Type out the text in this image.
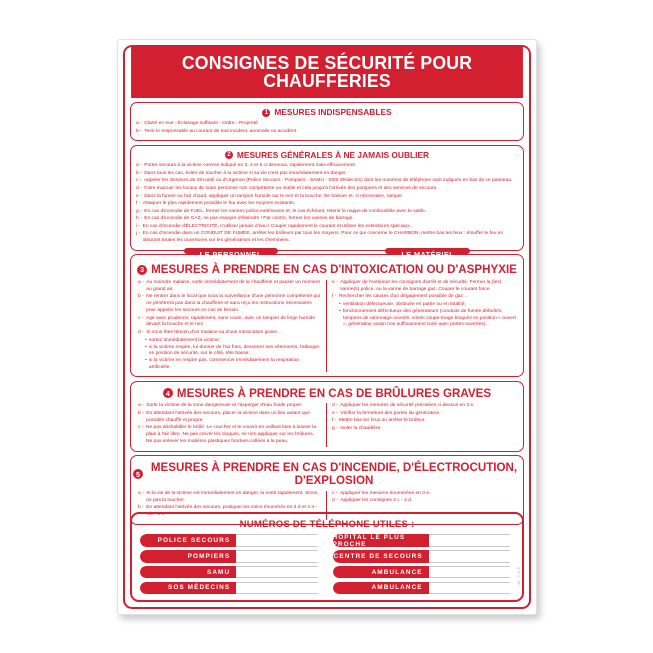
CONSIGNES DE SÉCURITÉ POUR CHAUFFERIES
1 MESURES INDISPENSABLES
a - Clarté en tout - Éclairage suffisant - Ordre - Propreté.
b - Tenir le responsable au courant de tout incident, anomalie ou accident.
2 MESURES GÉNÉRALES À NE JAMAIS OUBLIER
a - Porter secours à la victime comme indiqué en 3, 4 et 5 ci-dessous, rapidement mais efficacement.
b - Dans tous les cas, éviter de toucher à la victime si sa vie n'est pas immédiatement en danger.
c - Appeler les Services de Sécurité ou d'Urgence (Police Secours - Pompiers - SAMU - SOS Médecins) dont les numéros de téléphone sont indiqués en bas de ce panneau.
d - Faire évacuer les locaux de toute personne non compétente ou inutile et cela jusqu'à l'arrivée des pompiers et des services de secours.
e - Dans la fumée ou l'air chaud, appliquer un tampon humide sur le nez et la bouche. Se baisser et, si nécessaire, ramper.
f - Attaquer le plus rapidement possible le feu avec les moyens existants.
g - En cas d'incendie de FUEL, fermer les vannes police extérieures et, le cas échéant, retenir la nappe de combustible avec le sable.
h - En cas d'incendie de GAZ, ne pas essayer d'éteindre ! Par contre, fermer les vannes de barrage.
i - En cas d'incendie d'ÉLECTRICITÉ, n'utiliser jamais d'eau ! Couper rapidement le courant et utiliser les extincteurs spéciaux.
j - En cas d'incendie dans un CONDUIT DE FUMÉE, arrêter les brûleurs par tous les moyens. Pour ce qui concerne le CHARBON, mettre bas les feux : étouffer le feu en obturant toutes les ouvertures sur les générateurs et les cheminées.
LE PERSONNEL	LE MATÉRIEL
3 MESURES À PRENDRE EN CAS D'INTOXICATION OU D'ASPHYXIE
a - Au moindre malaise, sortir immédiatement de la chaufferie et passer un moment au grand air.
b - Ne rentrer dans le local que sous la surveillance d'une personne compétente qui ne pénétrera pas dans la chaufferie et aura reçu les instructions nécessaires pour appeler les secours en cas de besoin.
c - Agir avec prudence, rapidement, sans courir, avec un tampon de linge humide devant la bouche et le nez.
d - Si vous êtes témoin d'un malaise ou d'une intoxication grave…
• sortez immédiatement la victime;
• si la victime respire, lui donner de l'air frais, desserrer ses vêtements, l'allonger en position de sécurité, sur le côté, tête basse;
• si la victime ne respire pas, commencer immédiatement la respiration artificielle.
e - Appliquer de l'extérieur les consignes d'arrêt et de sécurité. Fermer la (les) vanne(s) police, ou la vanne de barrage gaz. Couper le courant force.
f - Rechercher les causes d'un dégagement possible de gaz…
• ventilation défectueuse, obstruée en partie ou en totalité;
• fonctionnement défectueux des générateurs (conduits de fumée déboîtés, tampons de ramonage ouverts, volets coupe-tirage bloqués en position « ouvert », générateur voisin non suffisamment isolé avec portes ouvertes).
4 MESURES À PRENDRE EN CAS DE BRÛLURES GRAVES
a - Sortir la victime de la zone dangereuse et l'asperger d'eau froide propre.
b - En attendant l'arrivée des secours, placer la victime dans un lieu autant que possible chauffé et propre.
c - Ne pas déshabiller le brûlé. Le coucher et le couvrir en veillant bien à laisser la plaie à l'air libre. Ne pas crever les cloques, ne rien appliquer sur les brûlures. Ne pas enlever les matières plastiques fondues collées à la peau.
d - Appliquer les mesures de sécurité précisées ci-dessus en 3 e.
e - Vérifier la fermeture des portes du générateur.
f - Mettre bas les feux ou arrêter le brûleur.
g - Isoler la chaudière.
5
MESURES À PRENDRE EN CAS D'INCENDIE, D'ÉLECTROCUTION, D'EXPLOSION
a - Si la vie de la victime est immédiatement en danger, la sortir rapidement. Sinon, ne pas la toucher.
b - En attendant l'arrivée des secours, pratiquer les soins énumérés en 3 d et 4 a - 4 b - 4 c.
c - Appliquer les mesures énumérées en 3 e.
d - Appliquer les consignes 2 c - 2 d.
NUMÉROS DE TÉLÉPHONE UTILES :
POLICE SECOURS	HÔPITAL LE PLUS PROCHE
POMPIERS	CENTRE DE SECOURS
SAMU	AMBULANCE
SOS MÉDECINS	AMBULANCE
réf. 7-4-3
